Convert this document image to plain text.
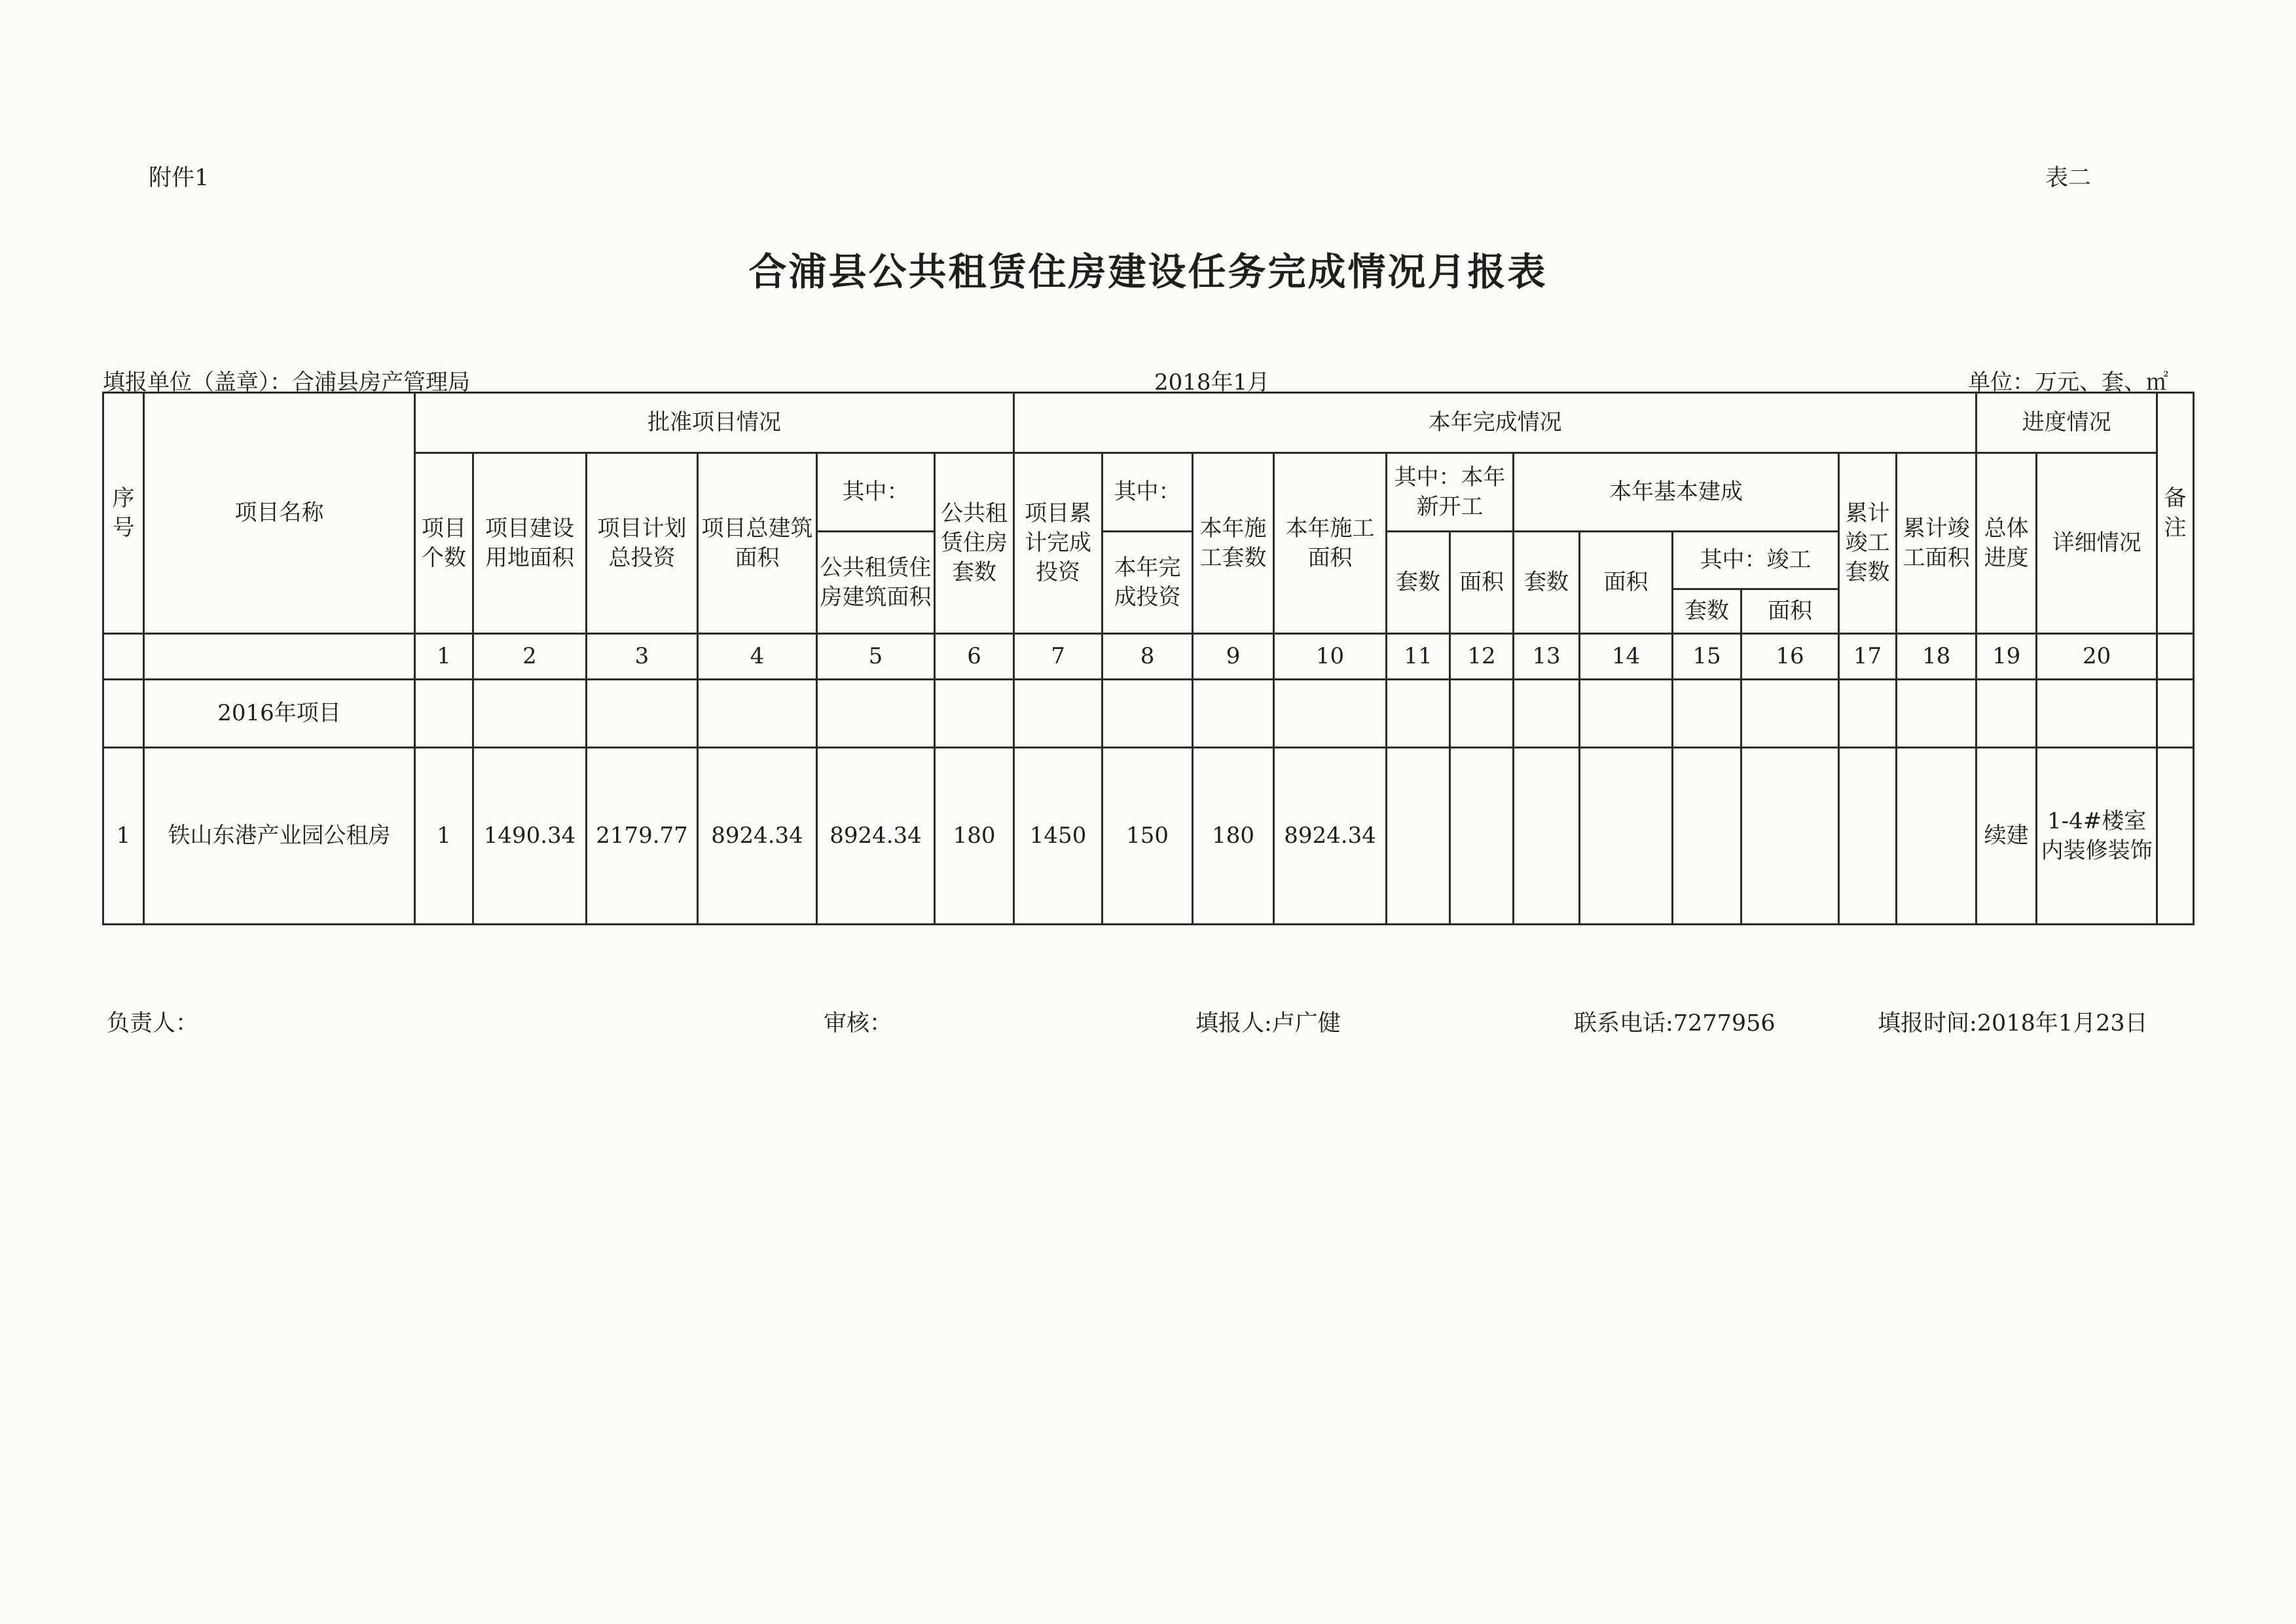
附件1	表二
合浦县公共租赁住房建设任务完成情况月报表
填报单位（盖章）：合浦县房产管理局	2018年1月	单位：万元、套、㎡
序号	项目名称	批准项目情况						本年完成情况												进度情况		备注
		项目个数	项目建设用地面积	项目计划总投资	项目总建筑面积	其中：	公共租赁住房套数	项目累计完成投资	其中：	本年施工套数	本年施工面积	其中：本年新开工		本年基本建成				累计竣工套数	累计竣工面积	总体进度	详细情况	
						公共租赁住房建筑面积			本年完成投资			套数	面积	套数	面积	其中：竣工						
																套数	面积					
		1	2	3	4	5	6	7	8	9	10	11	12	13	14	15	16	17	18	19	20	
	2016年项目																					
1	铁山东港产业园公租房	1	1490.34	2179.77	8924.34	8924.34	180	1450	150	180	8924.34									续建	1-4#楼室内装修装饰	
负责人：	审核：	填报人:卢广健	联系电话:7277956	填报时间:2018年1月23日
